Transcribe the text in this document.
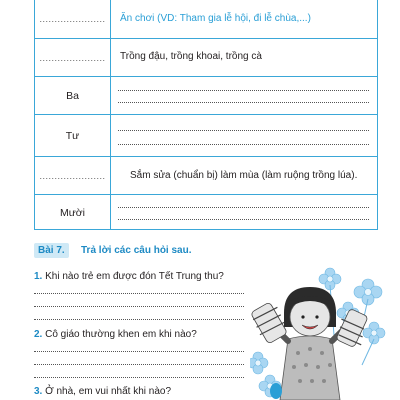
...................... Ăn chơi (VD: Tham gia lễ hội, đi lễ chùa,...)
...................... Trồng đậu, trồng khoai, trồng cà
Ba
Tư
...................... Sắm sửa (chuẩn bị) làm mùa (làm ruộng trồng lúa).
Mười
Bài 7.	Trả lời các câu hỏi sau.
1. Khi nào trẻ em được đón Tết Trung thu?
2. Cô giáo thường khen em khi nào?
3. Ở nhà, em vui nhất khi nào?
